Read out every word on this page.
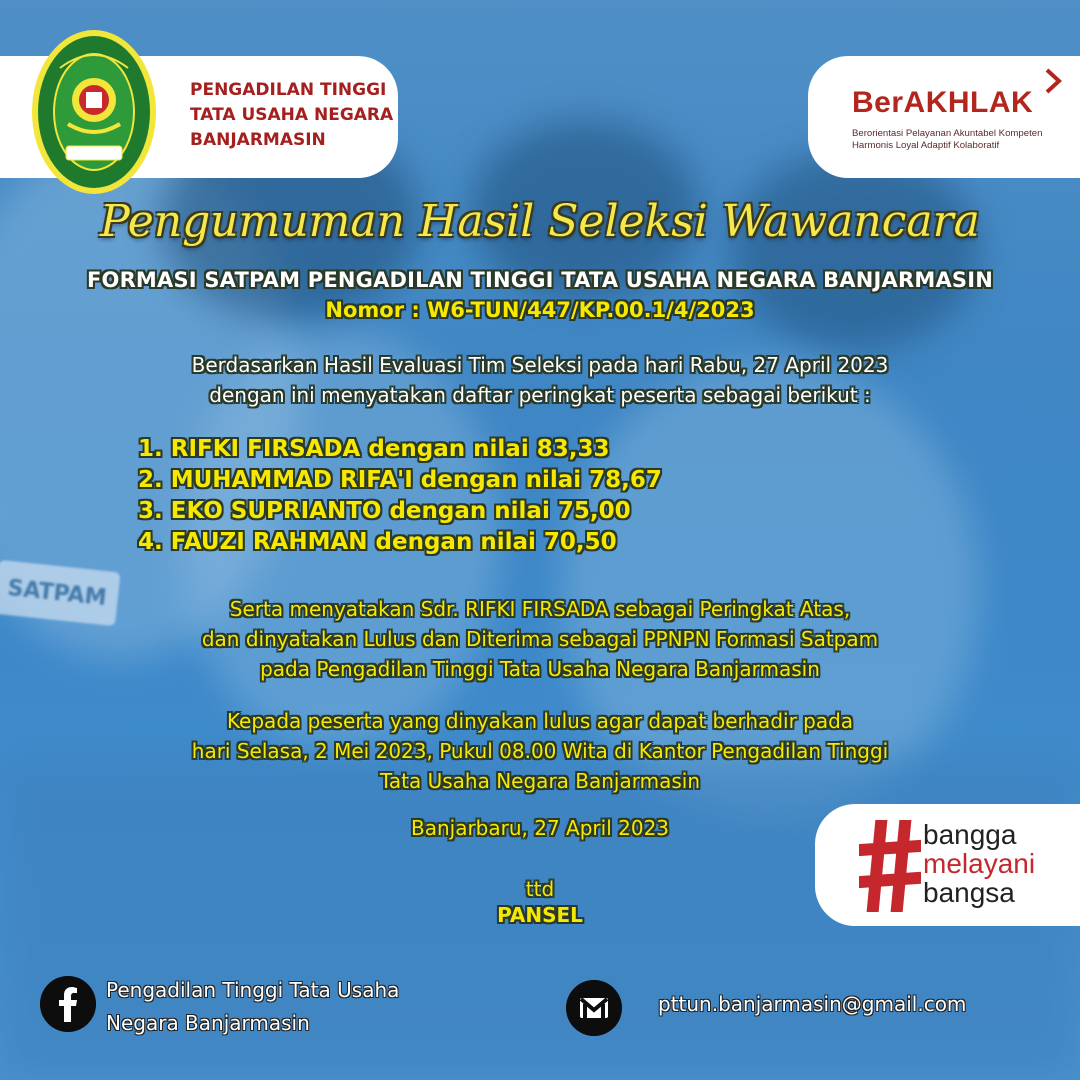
SATPAM
PENGADILAN TINGGI
TATA USAHA NEGARA
BANJARMASIN
BerAKHLAK
Berorientasi Pelayanan Akuntabel Kompeten
Harmonis Loyal Adaptif Kolaboratif
Pengumuman Hasil Seleksi Wawancara
FORMASI SATPAM PENGADILAN TINGGI TATA USAHA NEGARA BANJARMASIN
Nomor : W6-TUN/447/KP.00.1/4/2023
Berdasarkan Hasil Evaluasi Tim Seleksi pada hari Rabu, 27 April 2023
dengan ini menyatakan daftar peringkat peserta sebagai berikut :
1. RIFKI FIRSADA dengan nilai 83,33
2. MUHAMMAD RIFA'I dengan nilai 78,67
3. EKO SUPRIANTO dengan nilai 75,00
4. FAUZI RAHMAN dengan nilai 70,50
Serta menyatakan Sdr. RIFKI FIRSADA sebagai Peringkat Atas,
dan dinyatakan Lulus dan Diterima sebagai PPNPN Formasi Satpam
pada Pengadilan Tinggi Tata Usaha Negara Banjarmasin
Kepada peserta yang dinyakan lulus agar dapat berhadir pada
hari Selasa, 2 Mei 2023, Pukul 08.00 Wita di Kantor Pengadilan Tinggi
Tata Usaha Negara Banjarmasin
Banjarbaru, 27 April 2023
ttd
PANSEL
bangga
melayani
bangsa
Pengadilan Tinggi Tata Usaha
Negara Banjarmasin
pttun.banjarmasin@gmail.com
